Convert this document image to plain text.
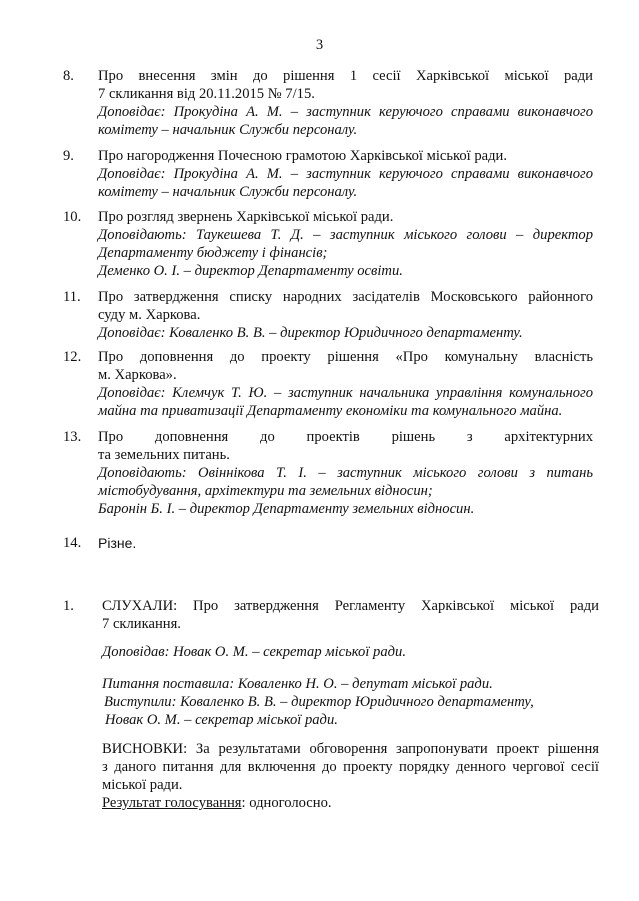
3
8. Про внесення змін до рішення 1 сесії Харківської міської ради

7 скликання від 20.11.2015 № 7/15.

Доповідає: Прокудіна А. М. – заступник керуючого справами виконавчого

комітету – начальник Служби персоналу.

9. Про нагородження Почесною грамотою Харківської міської ради.

Доповідає: Прокудіна А. М. – заступник керуючого справами виконавчого

комітету – начальник Служби персоналу.

10. Про розгляд звернень Харківської міської ради.

Доповідають: Таукешева Т. Д. – заступник міського голови – директор

Департаменту бюджету і фінансів;

Деменко О. І. – директор Департаменту освіти.

11. Про затвердження списку народних засідателів Московського районного

суду м. Харкова.

Доповідає: Коваленко В. В. – директор Юридичного департаменту.

12. Про доповнення до проекту рішення «Про комунальну власність

м. Харкова».

Доповідає: Клемчук Т. Ю. – заступник начальника управління комунального

майна та приватизації Департаменту економіки та комунального майна.

13. Про доповнення до проектів рішень з архітектурних

та земельних питань.

Доповідають: Овіннікова Т. І. – заступник міського голови з питань

містобудування, архітектури та земельних відносин;

Баронін Б. І. – директор Департаменту земельних відносин.

14. Різне.

1. СЛУХАЛИ: Про затвердження Регламенту Харківської міської ради

7 скликання.

Доповідав: Новак О. М. – секретар міської ради.

Питання поставила: Коваленко Н. О. – депутат міської ради.

Виступили: Коваленко В. В. – директор Юридичного департаменту,

Новак О. М. – секретар міської ради.

ВИСНОВКИ: За результатами обговорення запропонувати проект рішення

з даного питання для включення до проекту порядку денного чергової сесії

міської ради.

Результат голосування: одноголосно.
